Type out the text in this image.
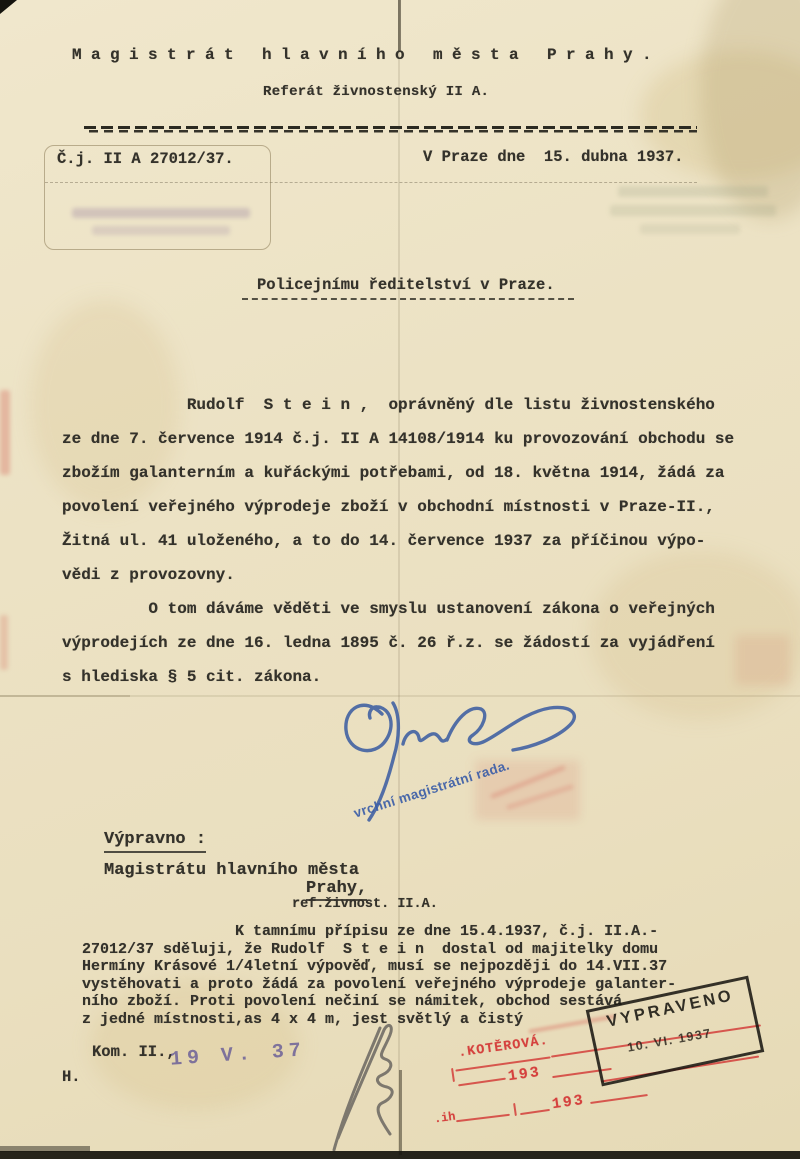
Magistrát hlavního města Prahy.
Referát živnostenský II A.
Č.j. II A 27012/37.	V Praze dne  15. dubna 1937.
Policejnímu ředitelství v Praze.
Rudolf  S t e i n ,  oprávněný dle listu živnostenského
ze dne 7. července 1914 č.j. II A 14108/1914 ku provozování obchodu se
zbožím galanterním a kuřáckými potřebami, od 18. května 1914, žádá za
povolení veřejného výprodeje zboží v obchodní místnosti v Praze-II.,
Žitná ul. 41 uloženého, a to do 14. července 1937 za příčinou výpo-
vědi z provozovny.
O tom dáváme věděti ve smyslu ustanovení zákona o veřejných
výprodejích ze dne 16. ledna 1895 č. 26 ř.z. se žádostí za vyjádření
s hlediska § 5 cit. zákona.
vrchní magistrátní rada.
Výpravno :
Magistrátu hlavního města
Prahy,
ref.živnost. II.A.
K tamnímu přípisu ze dne 15.4.1937, č.j. II.A.-
27012/37 sděluji, že Rudolf  S t e i n  dostal od majitelky domu
Hermíny Krásové 1/4letní výpověď, musí se nejpozději do 14.VII.37
vystěhovati a proto žádá za povolení veřejného výprodeje galanter-
ního zboží. Proti povolení nečiní se námitek, obchod sestává
z jedné místnosti,as 4 x 4 m, jest světlý a čistý
Kom. II.,
H.
19 V. 37	.KOTĚROVÁ.
193
.ih
193
VYPRAVENO
10. VI. 1937
